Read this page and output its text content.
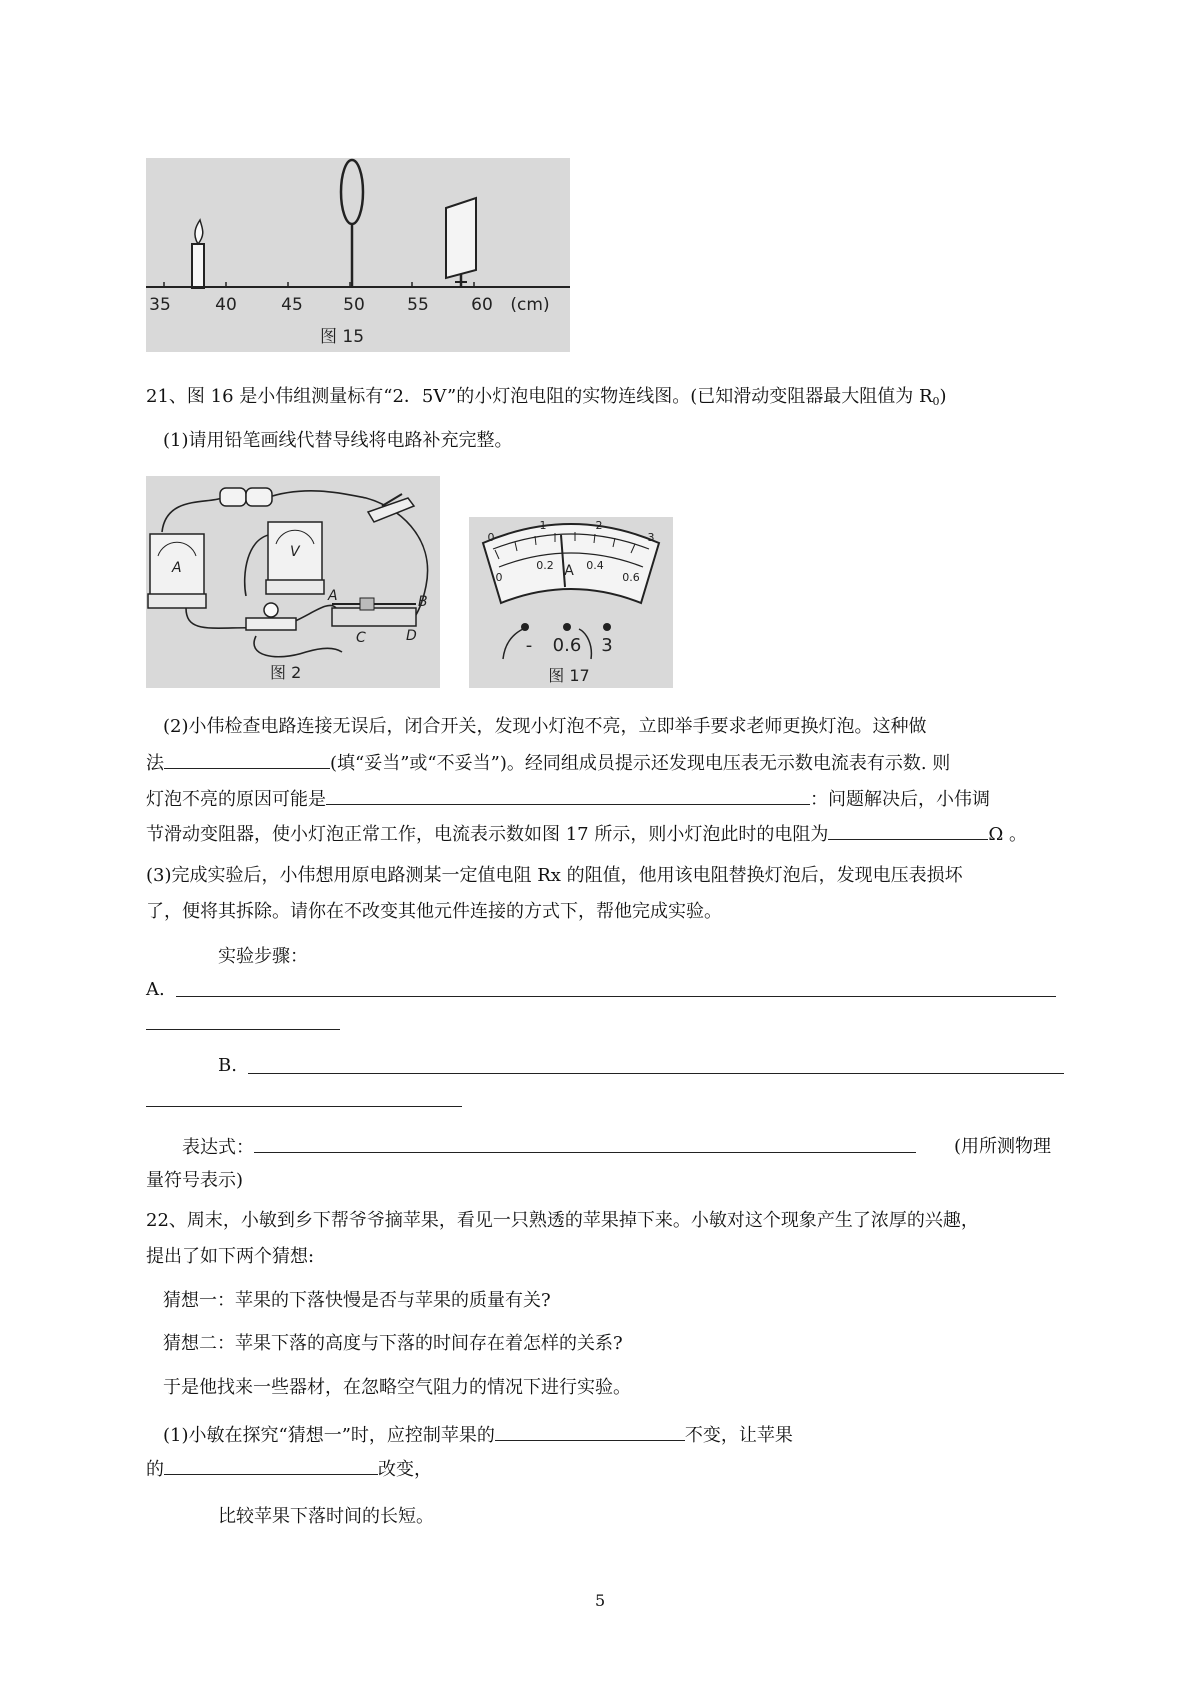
35	40	45 50 55 60 (cm)
图 15
21、图 16 是小伟组测量标有“2．5V”的小灯泡电阻的实物连线图。(已知滑动变阻器最大阻值为 $R_0$)
(1)请用铅笔画线代替导线将电路补充完整。
A
V
A	B
C	D
图 2
0
1	2
3
0
0.2	0.4
0.6
A
- 0.6 3
图 17
(2)小伟检查电路连接无误后，闭合开关，发现小灯泡不亮，立即举手要求老师更换灯泡。这种做
法	(填“妥当”或“不妥当”)。经同组成员提示还发现电压表无示数电流表有示数. 则
灯泡不亮的原因可能是	：问题解决后，小伟调
节滑动变阻器，使小灯泡正常工作，电流表示数如图 17 所示，则小灯泡此时的电阻为	Ω 。
(3)完成实验后，小伟想用原电路测某一定值电阻 Rx 的阻值，他用该电阻替换灯泡后，发现电压表损坏
了，便将其拆除。请你在不改变其他元件连接的方式下，帮他完成实验。
实验步骤：
A.
B.
表达式：	(用所测物理
量符号表示)
22、周末，小敏到乡下帮爷爷摘苹果，看见一只熟透的苹果掉下来。小敏对这个现象产生了浓厚的兴趣，
提出了如下两个猜想:
猜想一：苹果的下落快慢是否与苹果的质量有关?
猜想二：苹果下落的高度与下落的时间存在着怎样的关系?
于是他找来一些器材，在忽略空气阻力的情况下进行实验。
(1)小敏在探究“猜想一”时，应控制苹果的	不变，让苹果
的	改变，
比较苹果下落时间的长短。
5
